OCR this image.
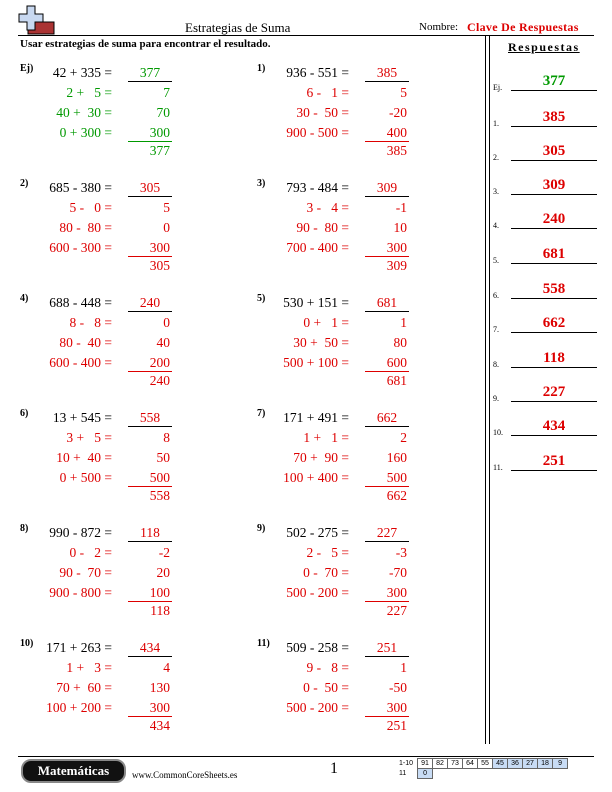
Estrategias de Suma	Nombre: Clave De Respuestas
Usar estrategias de suma para encontrar el resultado.	Respuestas
Ej.	377
1.	385
2.	305
3.	309
4.	240
5.	681
6.	558
7.	662
8.	118
9.	227
10.	434
11.	251
Ej) 42 + 335 =	377
2 +   5 =	7
40 +  30 =	70
0 + 300 =	300
377
1) 936 - 551 =	385
6 -   1 =	5
30 -  50 =	-20
900 - 500 =	400
385
2) 685 - 380 =	305
5 -   0 =	5
80 -  80 =	0
600 - 300 =	300
305
3) 793 - 484 =	309
3 -   4 =	-1
90 -  80 =	10
700 - 400 =	300
309
4) 688 - 448 =	240
8 -   8 =	0
80 -  40 =	40
600 - 400 =	200
240
5) 530 + 151 =	681
0 +   1 =	1
30 +  50 =	80
500 + 100 =	600
681
6) 13 + 545 =	558
3 +   5 =	8
10 +  40 =	50
0 + 500 =	500
558
7) 171 + 491 =	662
1 +   1 =	2
70 +  90 =	160
100 + 400 =	500
662
8) 990 - 872 =	118
0 -   2 =	-2
90 -  70 =	20
900 - 800 =	100
118
9) 502 - 275 =	227
2 -   5 =	-3
0 -  70 =	-70
500 - 200 =	300
227
10) 171 + 263 =	434
1 +   3 =	4
70 +  60 =	130
100 + 200 =	300
434
11) 509 - 258 =	251
9 -   8 =	1
0 -  50 =	-50
500 - 200 =	300
251
Matemáticas	www.CommonCoreSheets.es	1	1-10	91	82	73	64	55	45	36	27	18	9
11	0									
